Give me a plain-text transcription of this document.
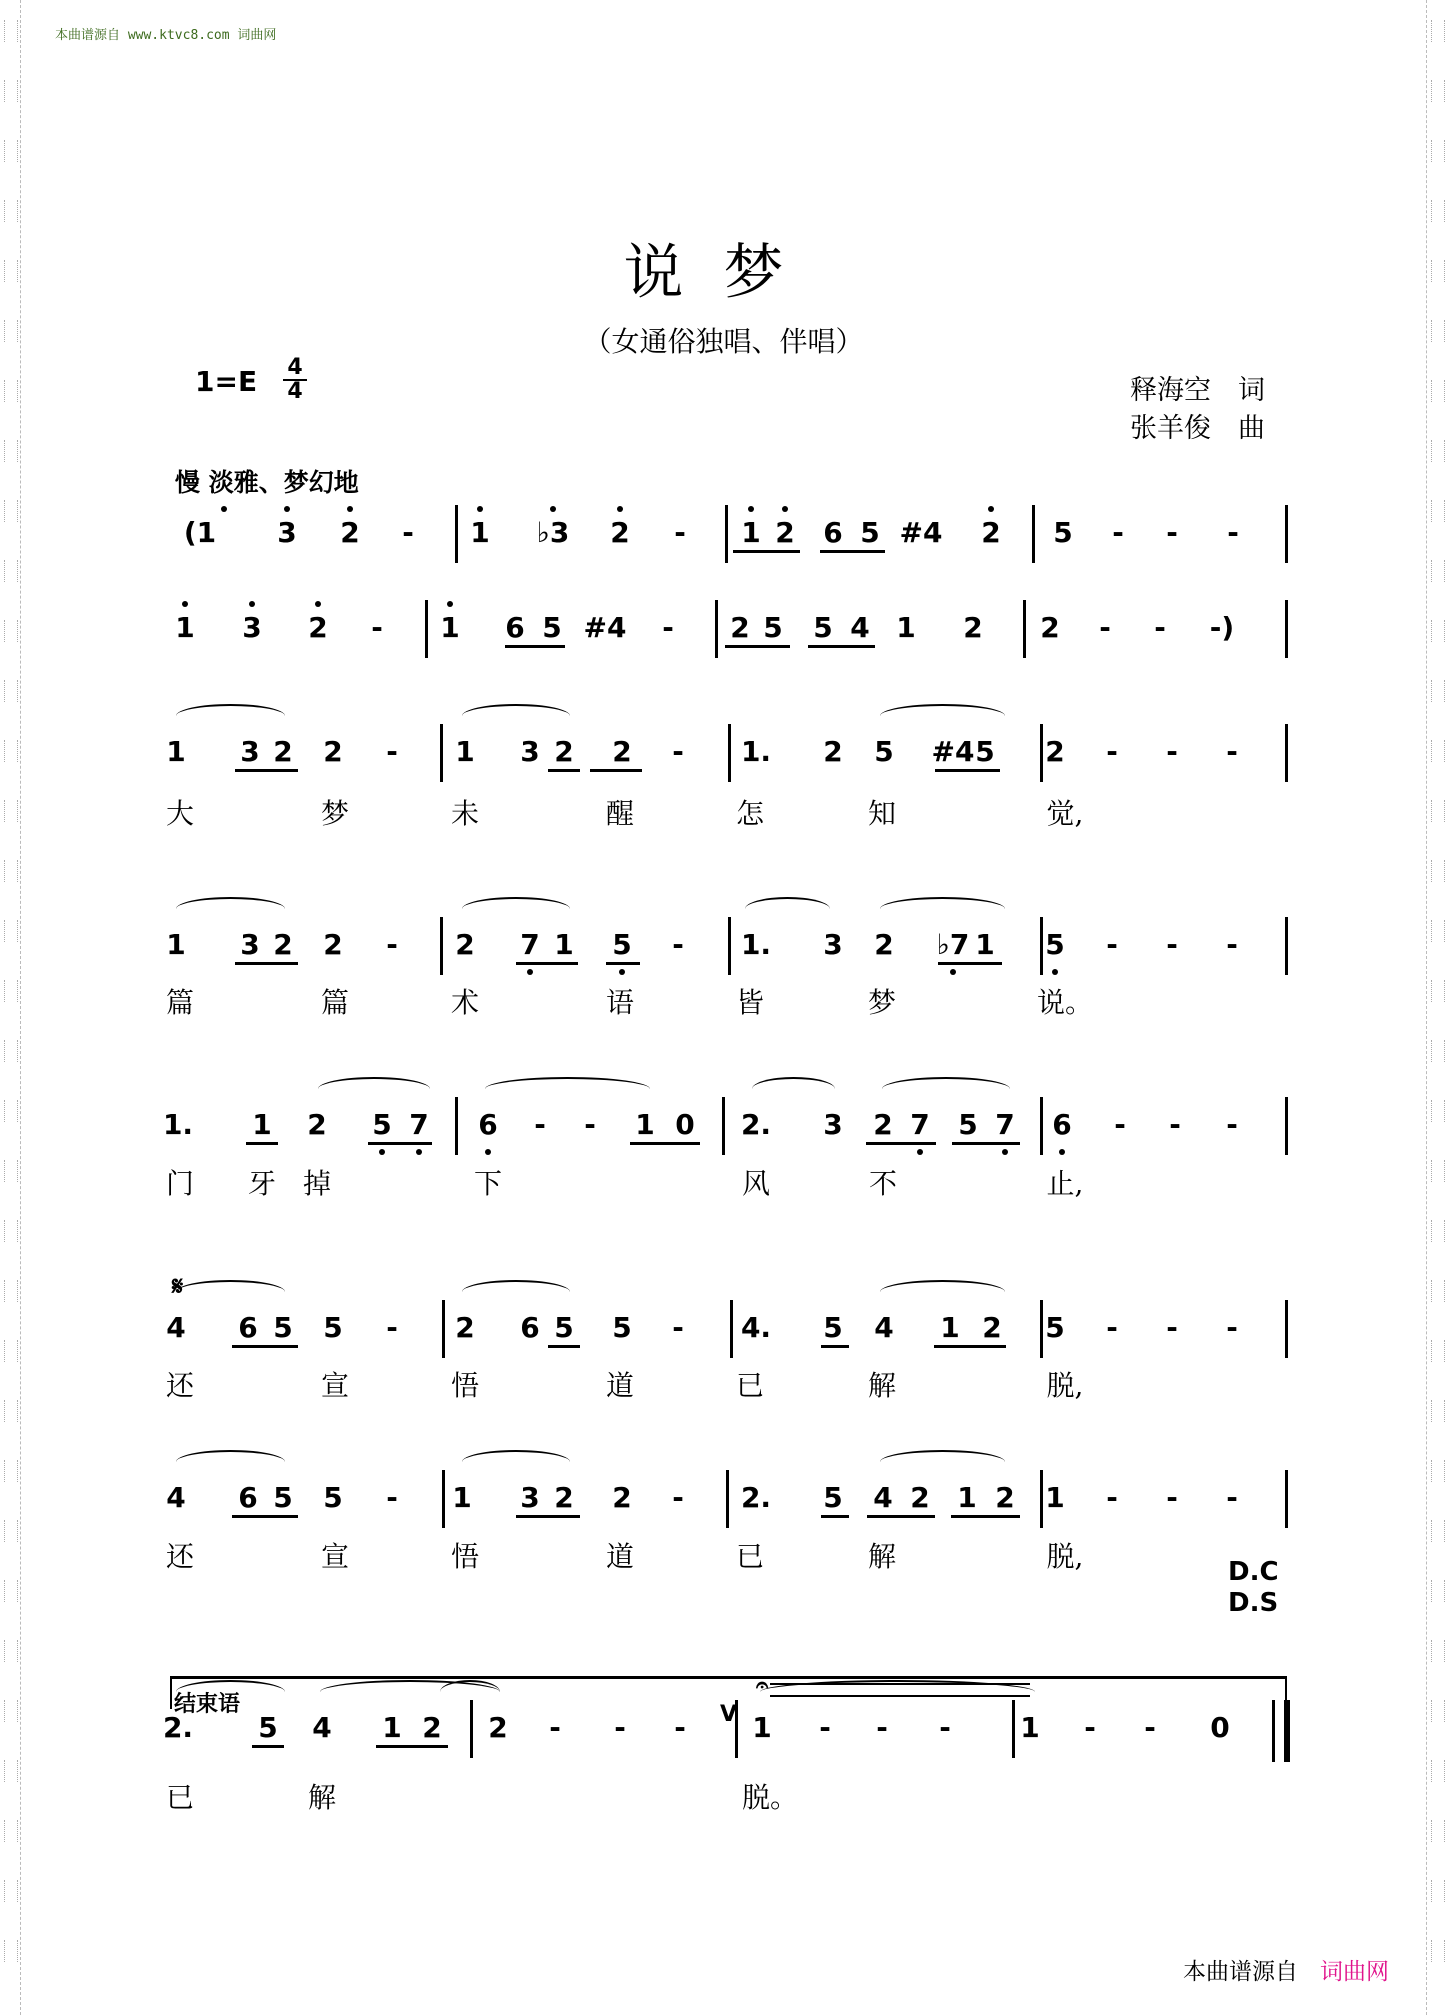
本曲谱源自 www.ktvc8.com 词曲网
说梦
（女通俗独唱、伴唱）
1=E 4
4	释海空　词
张羊俊　曲
慢 淡雅、梦幻地
(1 3 2 - 1 ♭3 2 - 1 2 6 5 #4 2 5 - - -
1 3 2 - 1 6 5 #4 - 2 5 5 4 1 2 2 - - -)
1 3 2 2 - 1 3 2 2 - 1. 2 5 #4 5 2 - - -
大	梦	未	醒	怎	知	觉,
1 3 2 2 - 2 7 1 5 - 1. 3 2 ♭7 1 5 - - -
篇	篇	术	语	皆	梦	说。
1. 1 2 5 7 6 - - 1 0 2. 3 2 7 5 7 6 - - -
门 牙 掉	下	风	不	止,
4 6 5 5 - 2 6 5 5 - 4. 5 4 1 2 5 - - -
还	宣	悟	道	已	解	脱,
4 6 5 5 - 1 3 2 2 - 2. 5 4 2 1 2 1 - - -
还	宣	悟	道	已	解	脱,
2. 5 4 1 2 2 - - - 1 - - - 1 - - 0
已	解	脱。
𝄋
D.C
D.S
V
𝄐
结束语
本曲谱源自 词曲网
